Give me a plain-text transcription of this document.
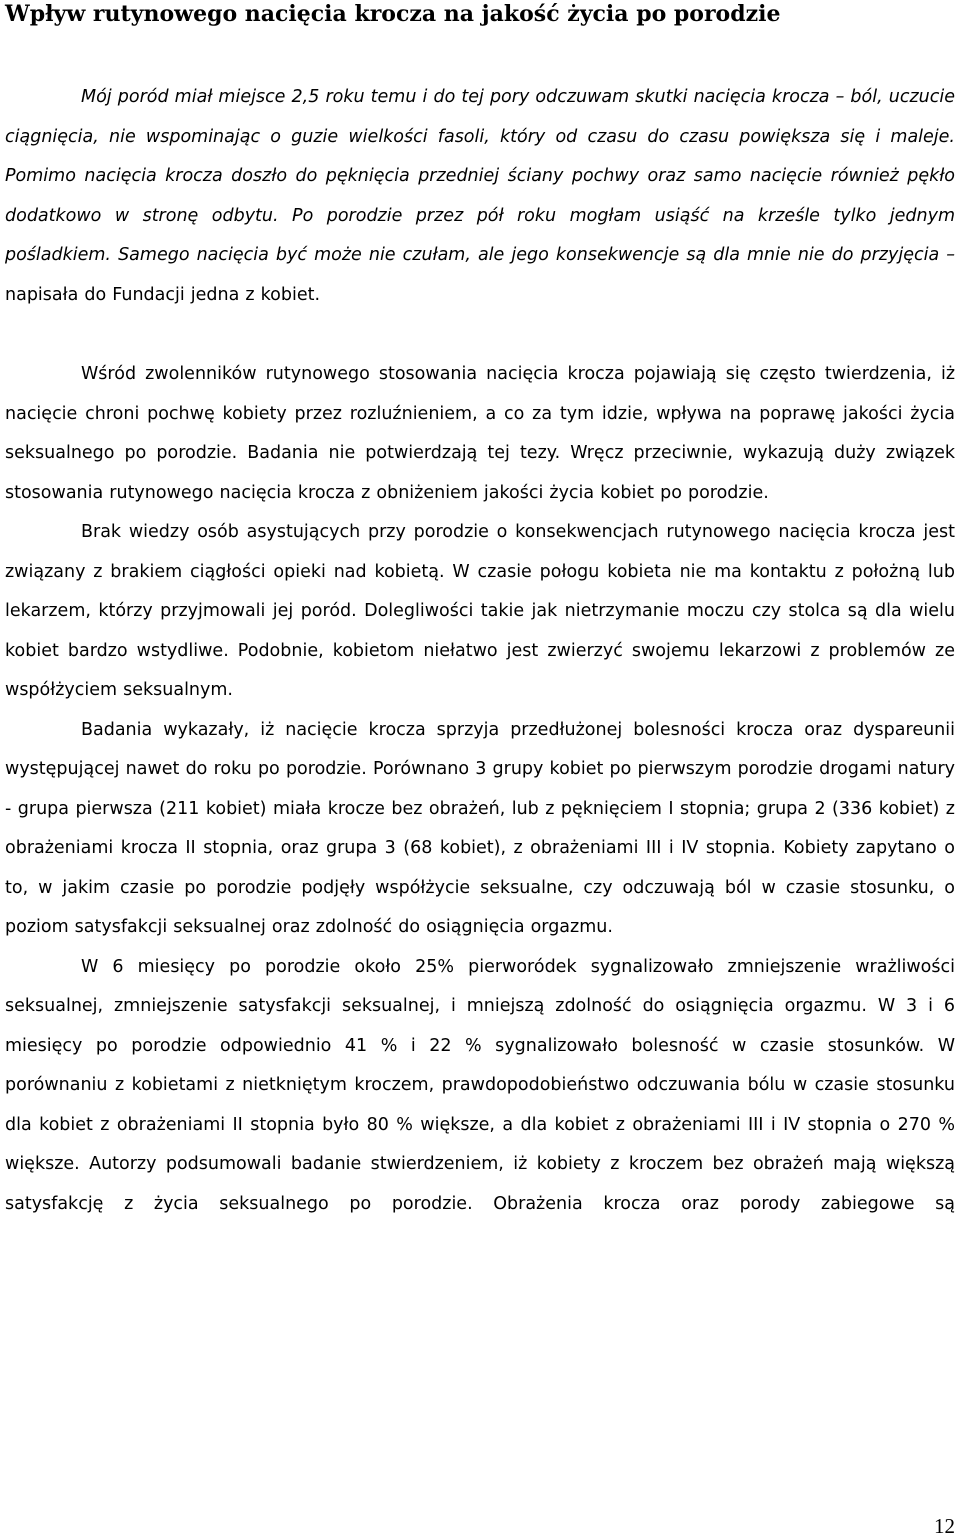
Wpływ rutynowego nacięcia krocza na jakość życia po porodzie

Mój poród miał miejsce 2,5 roku temu i do tej pory odczuwam skutki nacięcia krocza – ból, uczucie ciągnięcia, nie wspominając o guzie wielkości fasoli, który od czasu do czasu powiększa się i maleje. Pomimo nacięcia krocza doszło do pęknięcia przedniej ściany pochwy oraz samo nacięcie również pękło dodatkowo w stronę odbytu. Po porodzie przez pół roku mogłam usiąść na krześle tylko jednym pośladkiem. Samego nacięcia być może nie czułam, ale jego konsekwencje są dla mnie nie do przyjęcia – napisała do Fundacji jedna z kobiet.

Wśród zwolenników rutynowego stosowania nacięcia krocza pojawiają się często twierdzenia, iż nacięcie chroni pochwę kobiety przez rozluźnieniem, a co za tym idzie, wpływa na poprawę jakości życia seksualnego po porodzie. Badania nie potwierdzają tej tezy. Wręcz przeciwnie, wykazują duży związek stosowania rutynowego nacięcia krocza z obniżeniem jakości życia kobiet po porodzie.

Brak wiedzy osób asystujących przy porodzie o konsekwencjach rutynowego nacięcia krocza jest związany z brakiem ciągłości opieki nad kobietą. W czasie połogu kobieta nie ma kontaktu z położną lub lekarzem, którzy przyjmowali jej poród. Dolegliwości takie jak nietrzymanie moczu czy stolca są dla wielu kobiet bardzo wstydliwe. Podobnie, kobietom niełatwo jest zwierzyć swojemu lekarzowi z problemów ze współżyciem seksualnym.

Badania wykazały, iż nacięcie krocza sprzyja przedłużonej bolesności krocza oraz dyspareunii występującej nawet do roku po porodzie. Porównano 3 grupy kobiet po pierwszym porodzie drogami natury - grupa pierwsza (211 kobiet) miała krocze bez obrażeń, lub z pęknięciem I stopnia; grupa 2 (336 kobiet) z obrażeniami krocza II stopnia, oraz grupa 3 (68 kobiet), z obrażeniami III i IV stopnia. Kobiety zapytano o to, w jakim czasie po porodzie podjęły współżycie seksualne, czy odczuwają ból w czasie stosunku, o poziom satysfakcji seksualnej oraz zdolność do osiągnięcia orgazmu.

W 6 miesięcy po porodzie około 25% pierworódek sygnalizowało zmniejszenie wrażliwości seksualnej, zmniejszenie satysfakcji seksualnej, i mniejszą zdolność do osiągnięcia orgazmu. W 3 i 6 miesięcy po porodzie odpowiednio 41 % i 22 % sygnalizowało bolesność w czasie stosunków. W porównaniu z kobietami z nietkniętym kroczem, prawdopodobieństwo odczuwania bólu w czasie stosunku dla kobiet z obrażeniami II stopnia było 80 % większe, a dla kobiet z obrażeniami III i IV stopnia o 270 % większe. Autorzy podsumowali badanie stwierdzeniem, iż kobiety z kroczem bez obrażeń mają większą satysfakcję z życia seksualnego po porodzie. Obrażenia krocza oraz porody zabiegowe są

12
